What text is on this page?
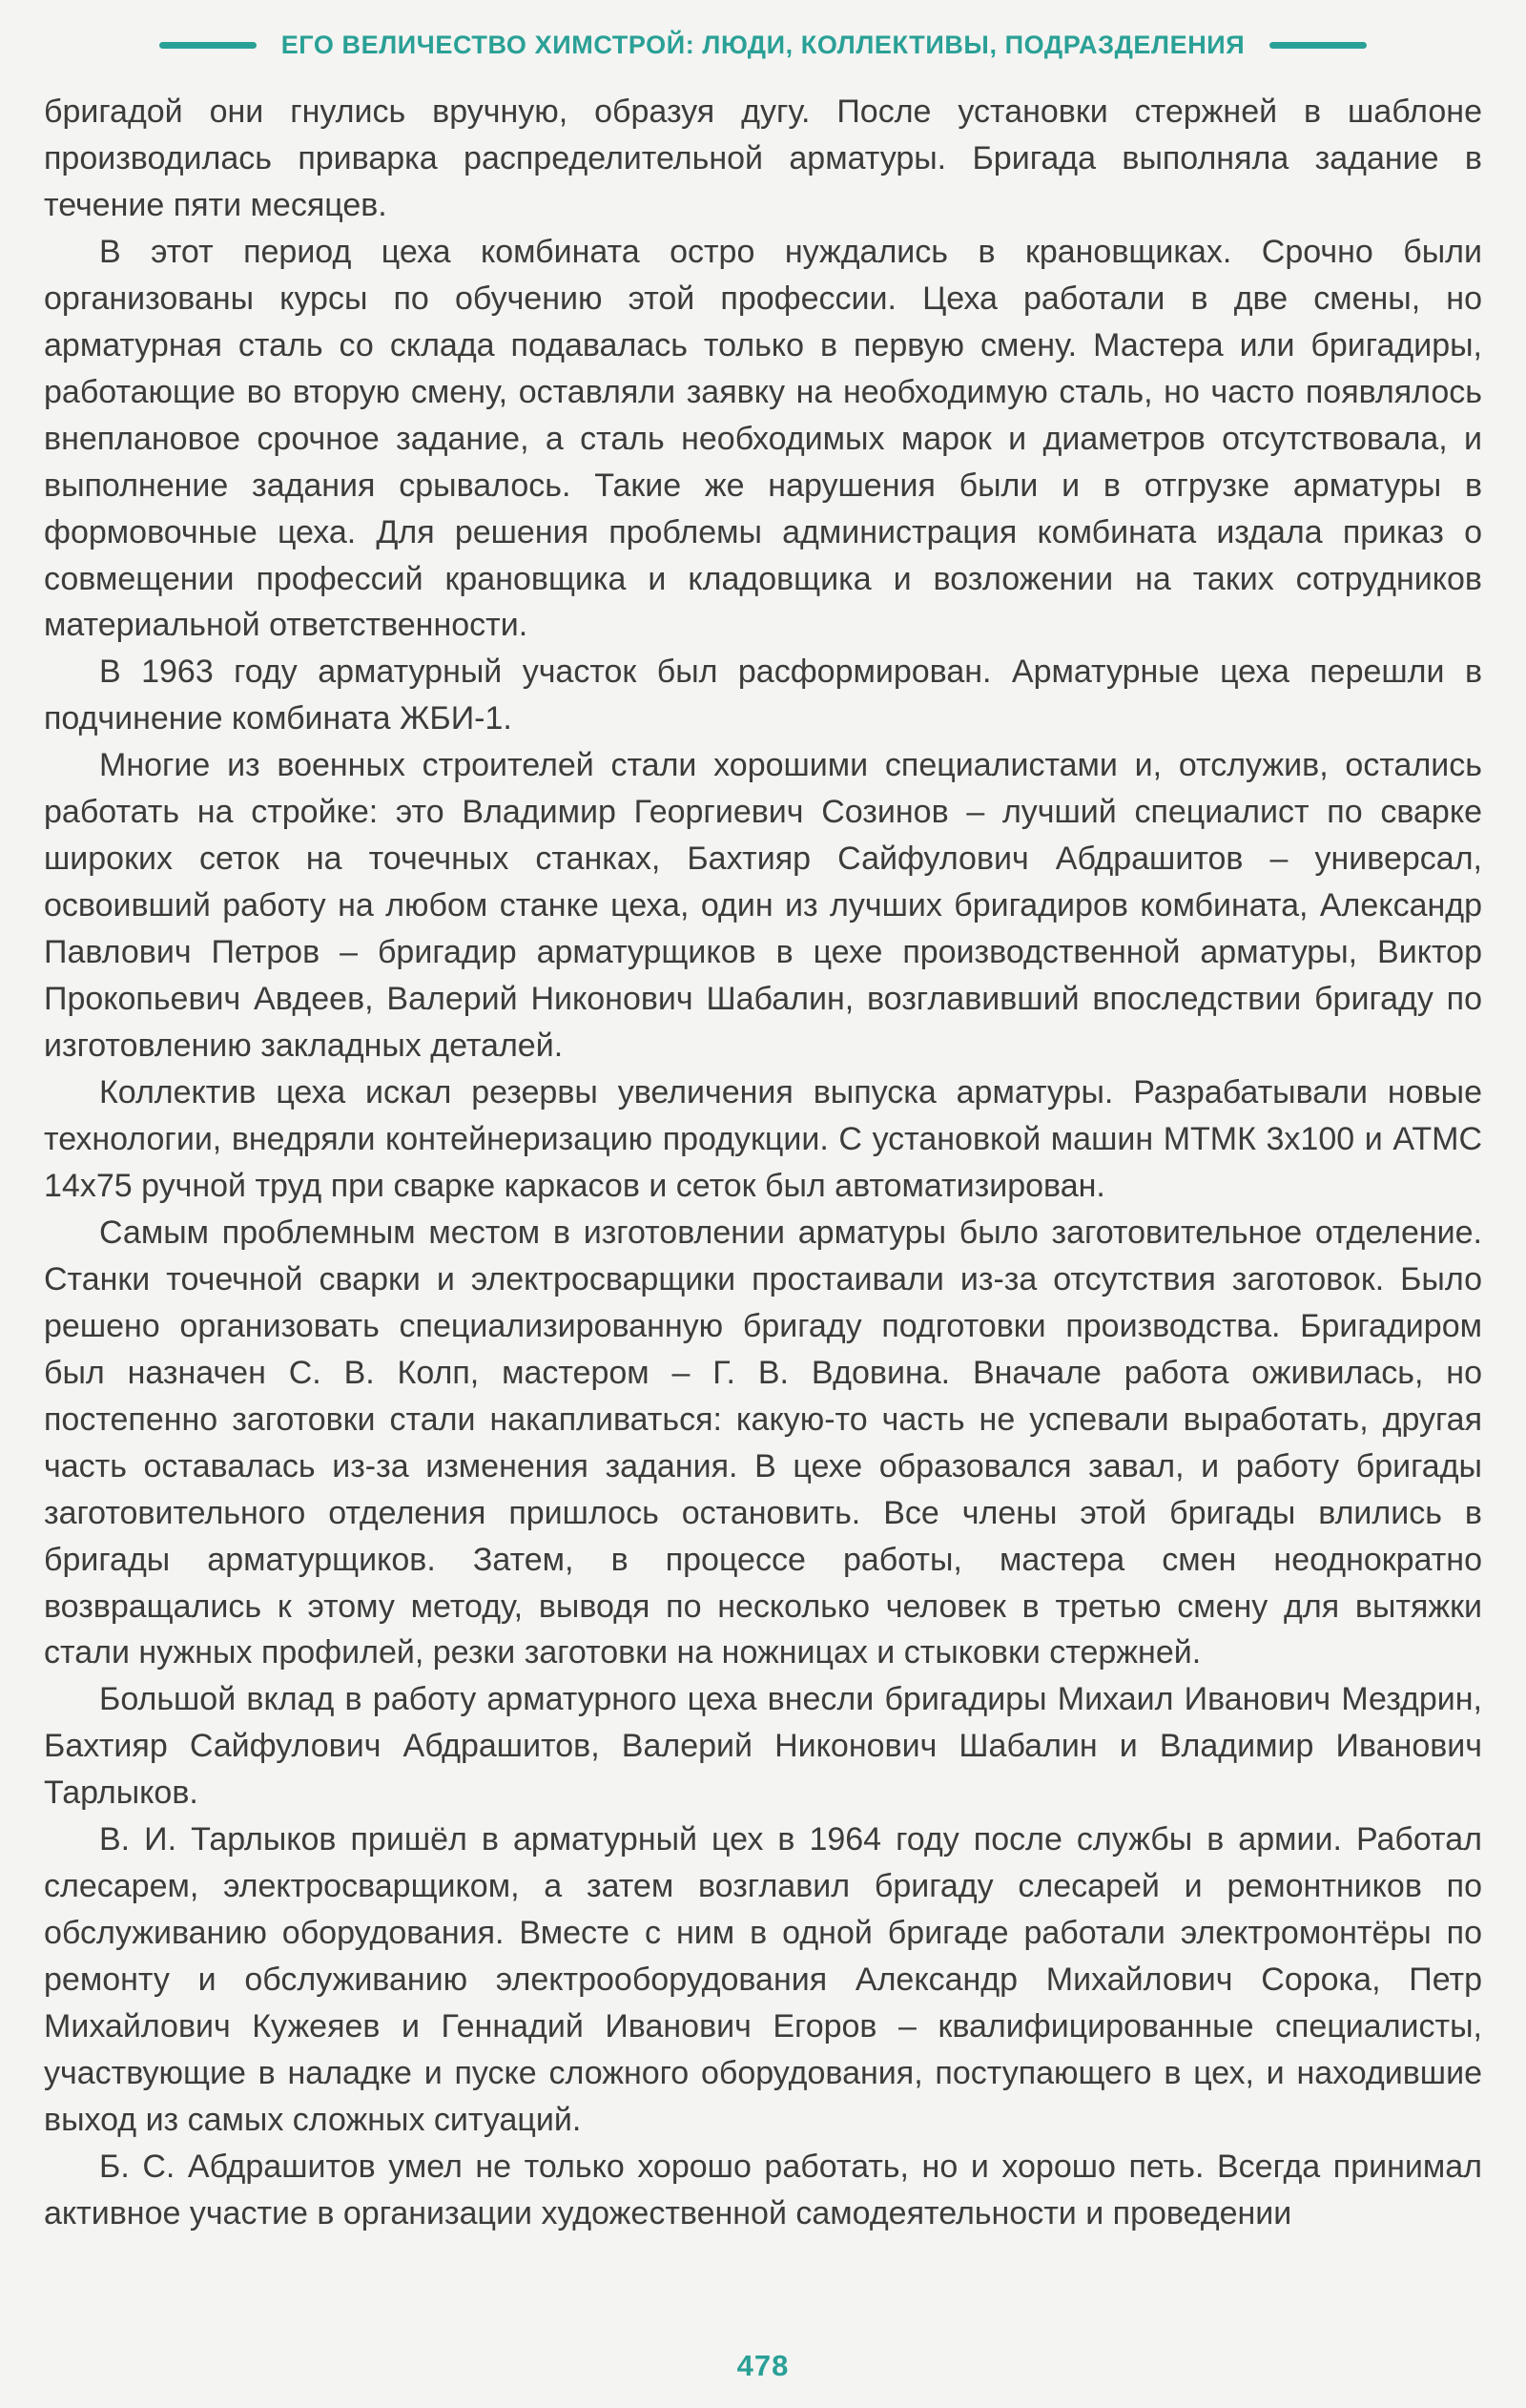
ЕГО ВЕЛИЧЕСТВО ХИМСТРОЙ: ЛЮДИ, КОЛЛЕКТИВЫ, ПОДРАЗДЕЛЕНИЯ

бригадой они гнулись вручную, образуя дугу. После установки стержней в шаблоне производилась приварка распределительной арматуры. Бригада выполняла задание в течение пяти месяцев.

В этот период цеха комбината остро нуждались в крановщиках. Срочно были организованы курсы по обучению этой профессии. Цеха работали в две смены, но арматурная сталь со склада подавалась только в первую смену. Мастера или бригадиры, работающие во вторую смену, оставляли заявку на необходимую сталь, но часто появлялось внеплановое срочное задание, а сталь необходимых марок и диаметров отсутствовала, и выполнение задания срывалось. Такие же нарушения были и в отгрузке арматуры в формовочные цеха. Для решения проблемы администрация комбината издала приказ о совмещении профессий крановщика и кладовщика и возложении на таких сотрудников материальной ответственности.

В 1963 году арматурный участок был расформирован. Арматурные цеха перешли в подчинение комбината ЖБИ-1.

Многие из военных строителей стали хорошими специалистами и, отслужив, остались работать на стройке: это Владимир Георгиевич Созинов – лучший специалист по сварке широких сеток на точечных станках, Бахтияр Сайфулович Абдрашитов – универсал, освоивший работу на любом станке цеха, один из лучших бригадиров комбината, Александр Павлович Петров – бригадир арматурщиков в цехе производственной арматуры, Виктор Прокопьевич Авдеев, Валерий Никонович Шабалин, возглавивший впоследствии бригаду по изготовлению закладных деталей.

Коллектив цеха искал резервы увеличения выпуска арматуры. Разрабатывали новые технологии, внедряли контейнеризацию продукции. С установкой машин МТМК 3х100 и АТМС 14х75 ручной труд при сварке каркасов и сеток был автоматизирован.

Самым проблемным местом в изготовлении арматуры было заготовительное отделение. Станки точечной сварки и электросварщики простаивали из-за отсутствия заготовок. Было решено организовать специализированную бригаду подготовки производства. Бригадиром был назначен С. В. Колп, мастером – Г. В. Вдовина. Вначале работа оживилась, но постепенно заготовки стали накапливаться: какую-то часть не успевали выработать, другая часть оставалась из-за изменения задания. В цехе образовался завал, и работу бригады заготовительного отделения пришлось остановить. Все члены этой бригады влились в бригады арматурщиков. Затем, в процессе работы, мастера смен неоднократно возвращались к этому методу, выводя по несколько человек в третью смену для вытяжки стали нужных профилей, резки заготовки на ножницах и стыковки стержней.

Большой вклад в работу арматурного цеха внесли бригадиры Михаил Иванович Мездрин, Бахтияр Сайфулович Абдрашитов, Валерий Никонович Шабалин и Владимир Иванович Тарлыков.

В. И. Тарлыков пришёл в арматурный цех в 1964 году после службы в армии. Работал слесарем, электросварщиком, а затем возглавил бригаду слесарей и ремонтников по обслуживанию оборудования. Вместе с ним в одной бригаде работали электромонтёры по ремонту и обслуживанию электрооборудования Александр Михайлович Сорока, Петр Михайлович Кужеяев и Геннадий Иванович Егоров – квалифицированные специалисты, участвующие в наладке и пуске сложного оборудования, поступающего в цех, и находившие выход из самых сложных ситуаций.

Б. С. Абдрашитов умел не только хорошо работать, но и хорошо петь. Всегда принимал активное участие в организации художественной самодеятельности и проведении

478
